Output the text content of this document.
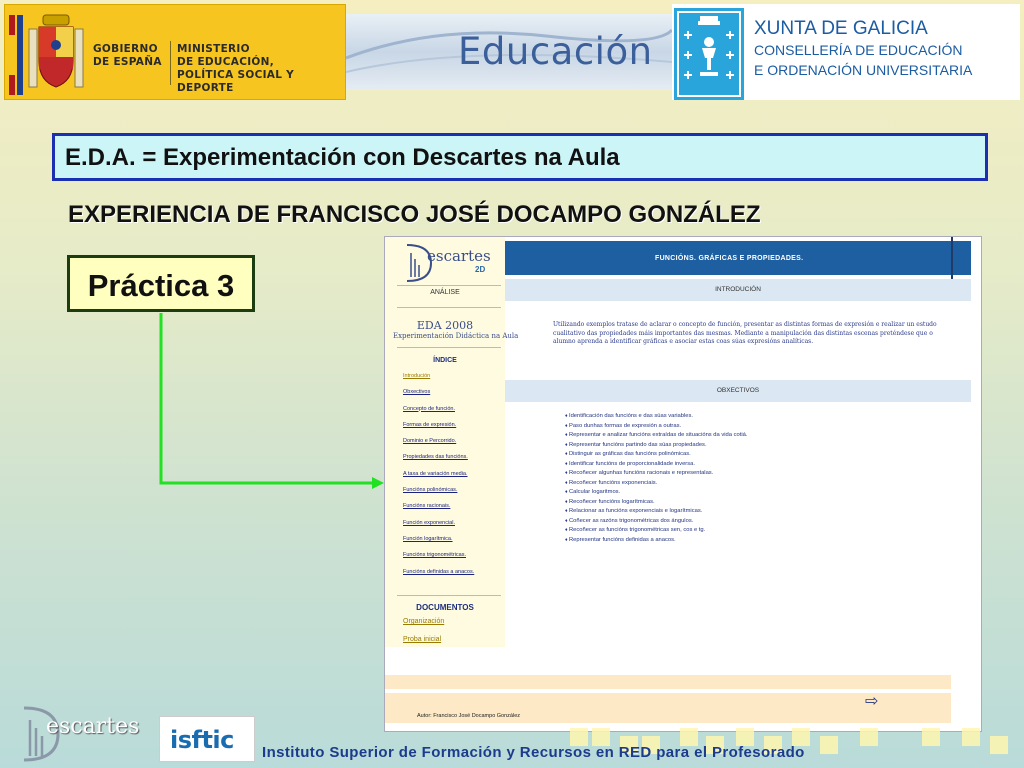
GOBIERNO
DE ESPAÑA
MINISTERIO
DE EDUCACIÓN,
POLÍTICA SOCIAL Y DEPORTE
Educación
XUNTA DE GALICIA
CONSELLERÍA DE EDUCACIÓN
E ORDENACIÓN UNIVERSITARIA
E.D.A. = Experimentación con Descartes na Aula
EXPERIENCIA DE FRANCISCO JOSÉ DOCAMPO GONZÁLEZ
Práctica 3
escartes
2D
ANÁLISE
EDA 2008
Experimentación Didáctica na Aula
ÍNDICE
Introdución
Obxectivos
Concepto de función.
Formas de expresión.
Dominio e Percorrido.
Propiedades das funcións.
A taxa de variación media.
Funcións polinómicas.
Funcións racionais.
Función exponencial.
Función logarítmica.
Funcións trigonométricas.
Funcións definidas a anacos.
DOCUMENTOS
Organización
Proba inicial
FUNCIÓNS. GRÁFICAS E PROPIEDADES.
INTRODUCIÓN

Utilizando exemplos tratase de aclarar o concepto de función, presentar as distintas formas de expresión e realizar un estudo cualitativo das propiedades máis importantes das mesmas. Mediante a manipulación das distintas escenas preténdese que o alumno aprenda a identificar gráficas e asociar estas coas súas expresións analíticas.

OBXECTIVOS
♦ Identificación das funcións e das súas variables.
♦ Paso dunhas formas de expresión a outras.
♦ Representar e analizar funcións extraídas de situacións da vida cotiá.
♦ Representar funcións partindo das súas propiedades.
♦ Distinguir as gráficas das funcións polinómicas.
♦ Identificar funcións de proporcionalidade inversa.
♦ Recoñecer algunhas funcións racionais e representalas.
♦ Recoñecer funcións exponenciais.
♦ Calcular logaritmos.
♦ Recoñecer funcións logarítmicas.
♦ Relacionar as funcións exponenciais e logarítmicas.
♦ Coñecer as razóns trigonométricas dos ángulos.
♦ Recoñecer as funcións trigonométricas sen, cos e tg.
♦ Representar funcións definidas a anacos.
⇨
Autor: Francisco José Docampo González
escartes isftic Instituto Superior de Formación y Recursos en RED para el Profesorado
